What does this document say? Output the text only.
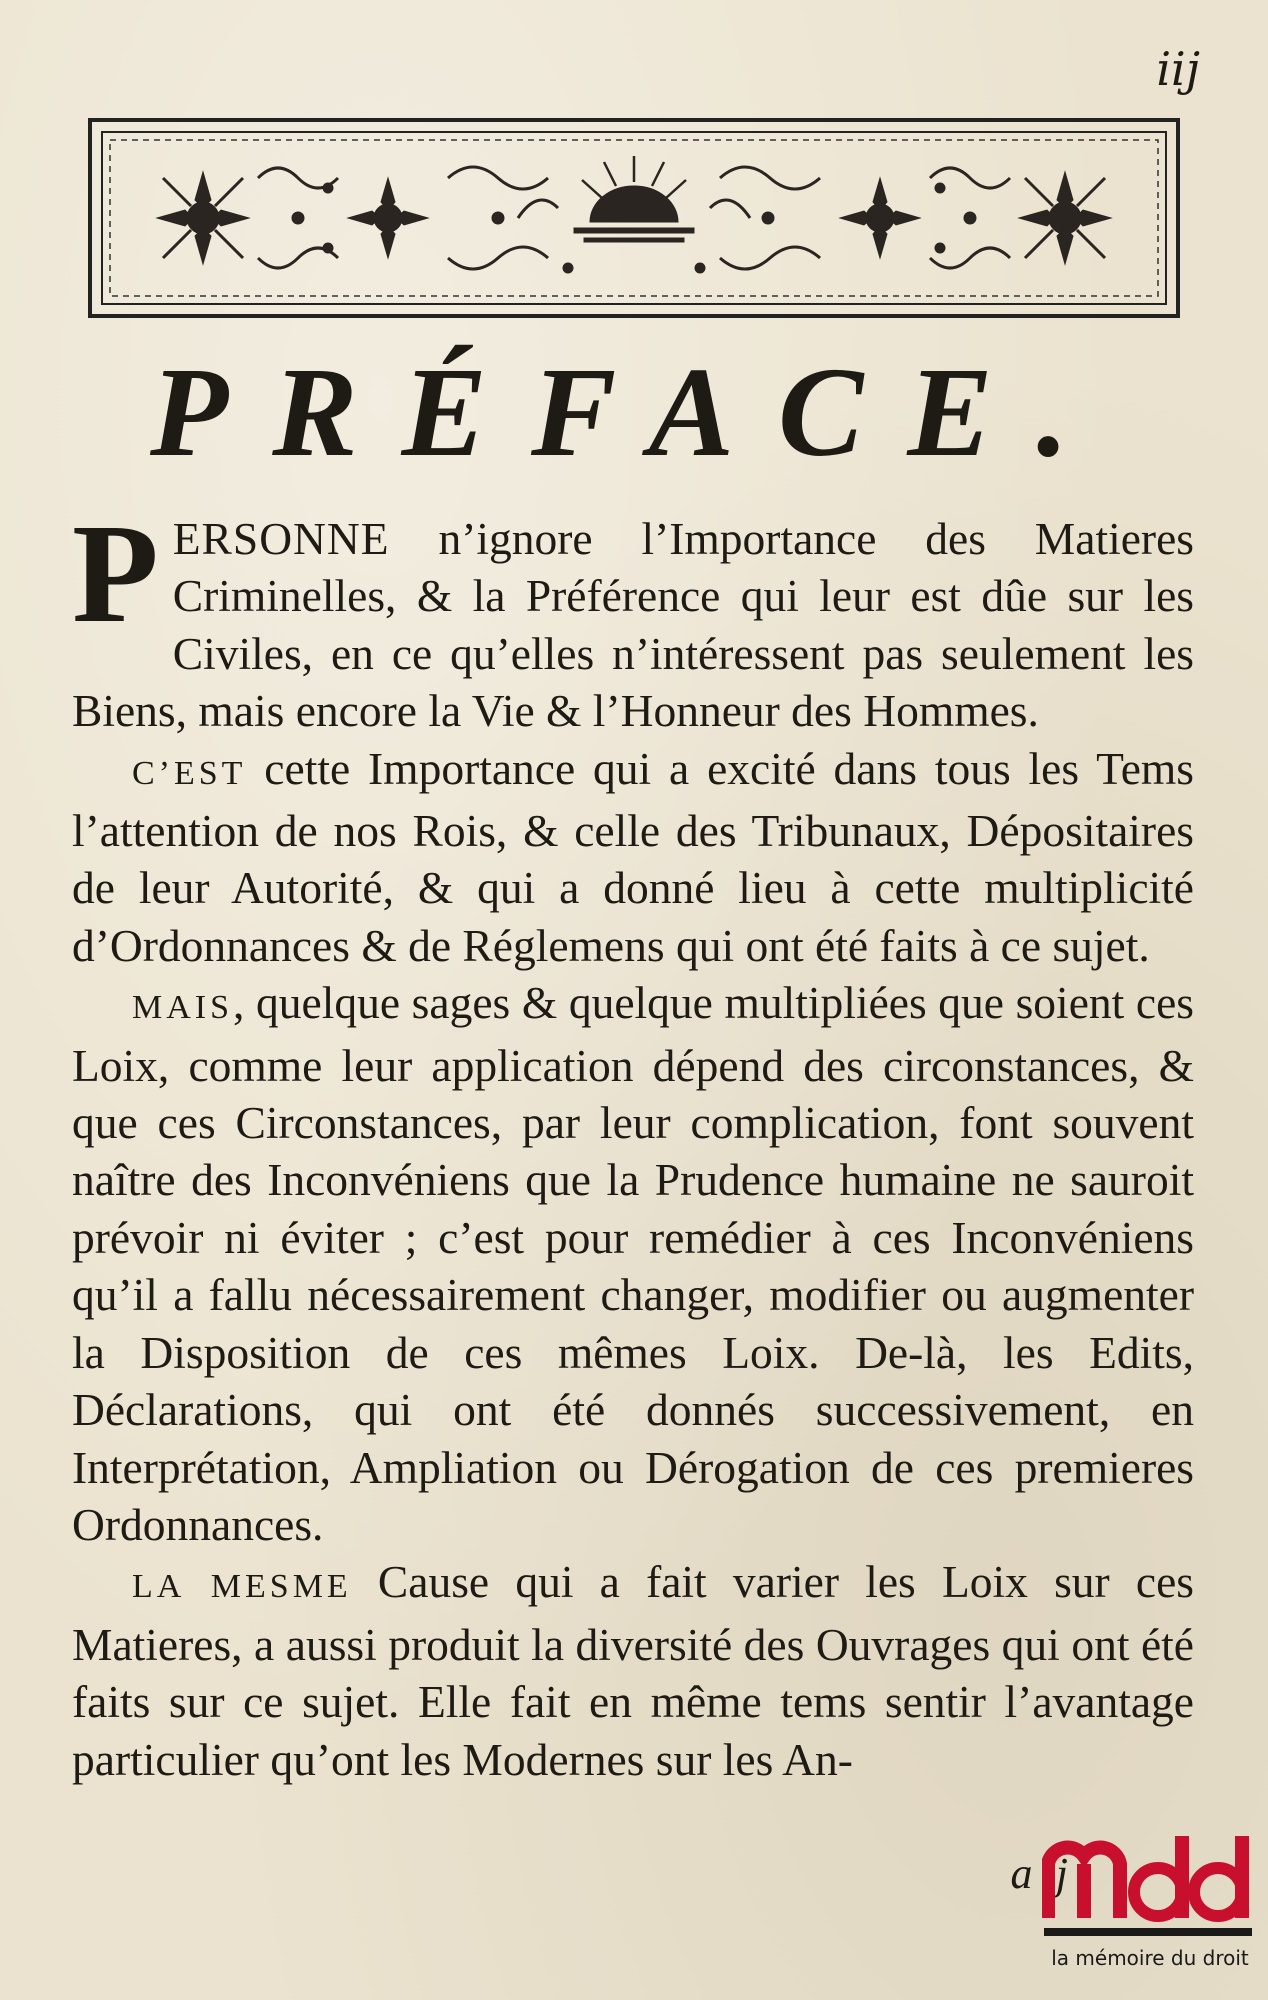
iij
PRÉFACE.

PERSONNE n’ignore l’Importance des Matieres Criminelles, & la Préférence qui leur est dûe sur les Civiles, en ce qu’elles n’intéressent pas seulement les Biens, mais encore la Vie & l’Honneur des Hommes.

C’EST cette Importance qui a excité dans tous les Tems l’attention de nos Rois, & celle des Tribunaux, Dépositaires de leur Autorité, & qui a donné lieu à cette multiplicité d’Ordonnances & de Réglemens qui ont été faits à ce sujet.

MAIS, quelque sages & quelque multipliées que soient ces Loix, comme leur application dépend des circonstances, & que ces Circonstances, par leur complication, font souvent naître des Inconvéniens que la Prudence humaine ne sauroit prévoir ni éviter ; c’est pour remédier à ces Inconvéniens qu’il a fallu nécessairement changer, modifier ou augmenter la Disposition de ces mêmes Loix. De-là, les Edits, Déclarations, qui ont été donnés successivement, en Interprétation, Ampliation ou Dérogation de ces premieres Ordonnances.

LA MESME Cause qui a fait varier les Loix sur ces Matieres, a aussi produit la diversité des Ouvrages qui ont été faits sur ce sujet. Elle fait en même tems sentir l’avantage particulier qu’ont les Modernes sur les An-

a ij
la mémoire du droit
